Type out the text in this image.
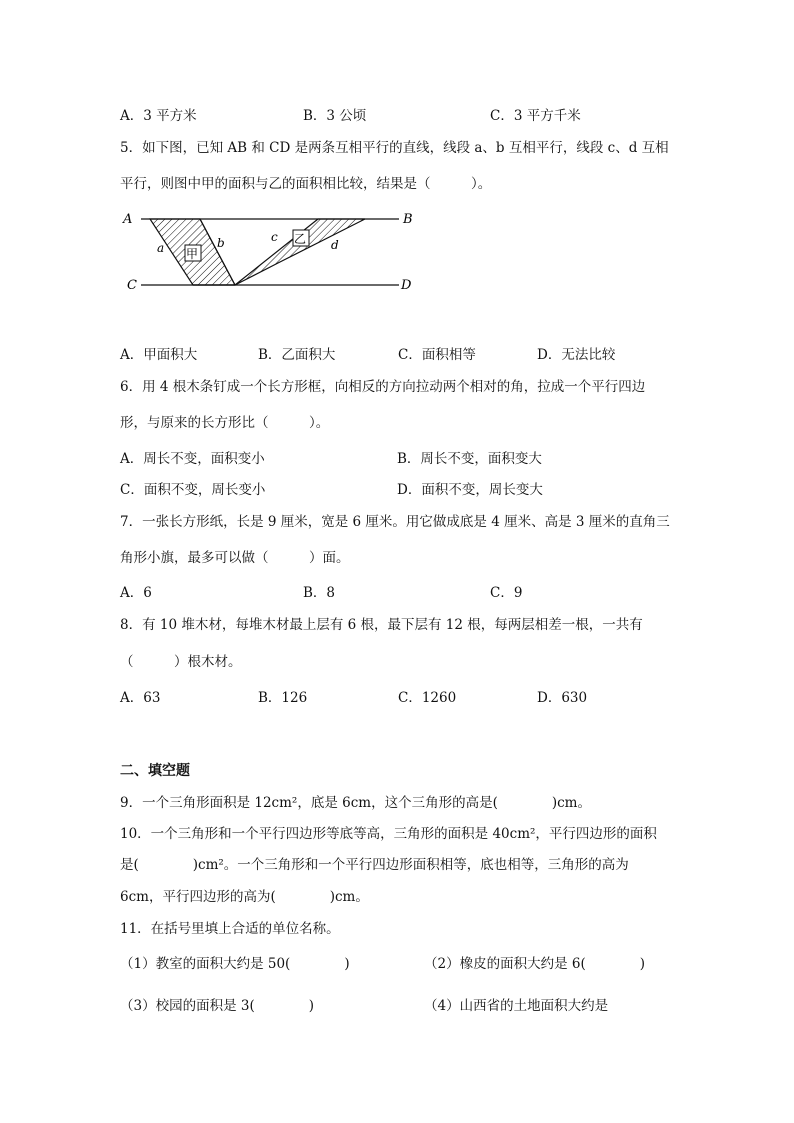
A．3 平方米	B．3 公顷	C．3 平方千米
5．如下图，已知 AB 和 CD 是两条互相平行的直线，线段 a、b 互相平行，线段 c、d 互相
平行，则图中甲的面积与乙的面积相比较，结果是（　　　）。
甲
乙
A	B
C	D
a	b	c
d
A．甲面积大	B．乙面积大	C．面积相等	D．无法比较
6．用 4 根木条钉成一个长方形框，向相反的方向拉动两个相对的角，拉成一个平行四边
形，与原来的长方形比（　　　）。
A．周长不变，面积变小	B．周长不变，面积变大
C．面积不变，周长变小	D．面积不变，周长变大
7．一张长方形纸，长是 9 厘米，宽是 6 厘米。用它做成底是 4 厘米、高是 3 厘米的直角三
角形小旗，最多可以做（　　　）面。
A．6	B．8	C．9
8．有 10 堆木材，每堆木材最上层有 6 根，最下层有 12 根，每两层相差一根，一共有
（　　　）根木材。
A．63	B．126	C．1260	D．630
二、填空题
9．一个三角形面积是 12cm²，底是 6cm，这个三角形的高是(　　　　)cm。
10．一个三角形和一个平行四边形等底等高，三角形的面积是 40cm²，平行四边形的面积
是(　　　　)cm²。一个三角形和一个平行四边形面积相等，底也相等，三角形的高为
6cm，平行四边形的高为(　　　　)cm。
11．在括号里填上合适的单位名称。
（1）教室的面积大约是 50(　　　　)	（2）橡皮的面积大约是 6(　　　　)
（3）校园的面积是 3(　　　　)	（4）山西省的土地面积大约是
